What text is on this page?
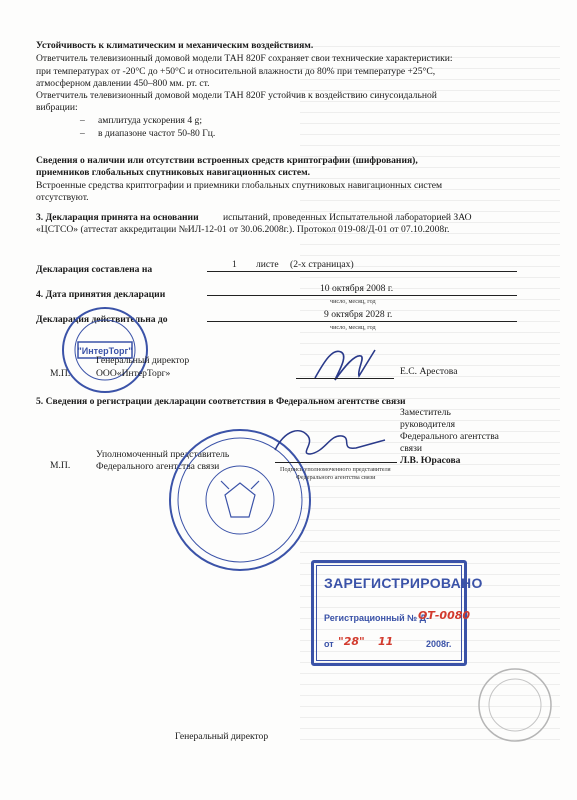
Устойчивость к климатическим и механическим воздействиям.
Ответчитель телевизионный домовой модели ТАН 820F сохраняет свои технические характеристики:
при температурах от -20°С до +50°С и относительной влажности до 80% при температуре +25°С,
атмосферном давлении 450–800 мм. рт. ст.
Ответчитель телевизионный домовой модели ТАН 820F устойчив к воздействию синусоидальной
вибрации:
– амплитуда ускорения 4 g;
– в диапазоне частот 50-80 Гц.
Сведения о наличии или отсутствии встроенных средств криптографии (шифрования),
приемников глобальных спутниковых навигационных систем.
Встроенные средства криптографии и приемники глобальных спутниковых навигационных систем
отсутствуют.
3. Декларация принята на основании	испытаний, проведенных Испытательной лабораторией ЗАО
«ЦСТСО» (аттестат аккредитации №ИЛ-12-01 от 30.06.2008г.). Протокол 019-08/Д-01 от 07.10.2008г.
Декларация составлена на	1 листе (2-х страницах)
4. Дата принятия декларации
10 октября 2008 г.
число, месяц, год
Декларация действительна до	9 октября 2028 г.
число, месяц, год
"ИнтерТорг"
М.П.
Генеральный директор
ООО«ИнтерТорг»	Е.С. Арестова
5. Сведения о регистрации декларации соответствия в Федеральном агентстве связи
Заместитель
руководителя
Федерального агентства
связи
Л.В. Юрасова
М.П.
Уполномоченный представитель
Федерального агентства связи	Подпись уполномоченного представителя
Федерального агентства связи
ЗАРЕГИСТРИРОВАНО
Регистрационный № Д-
ОТ-0080
от "28" 11	2008г.
Генеральный директор
